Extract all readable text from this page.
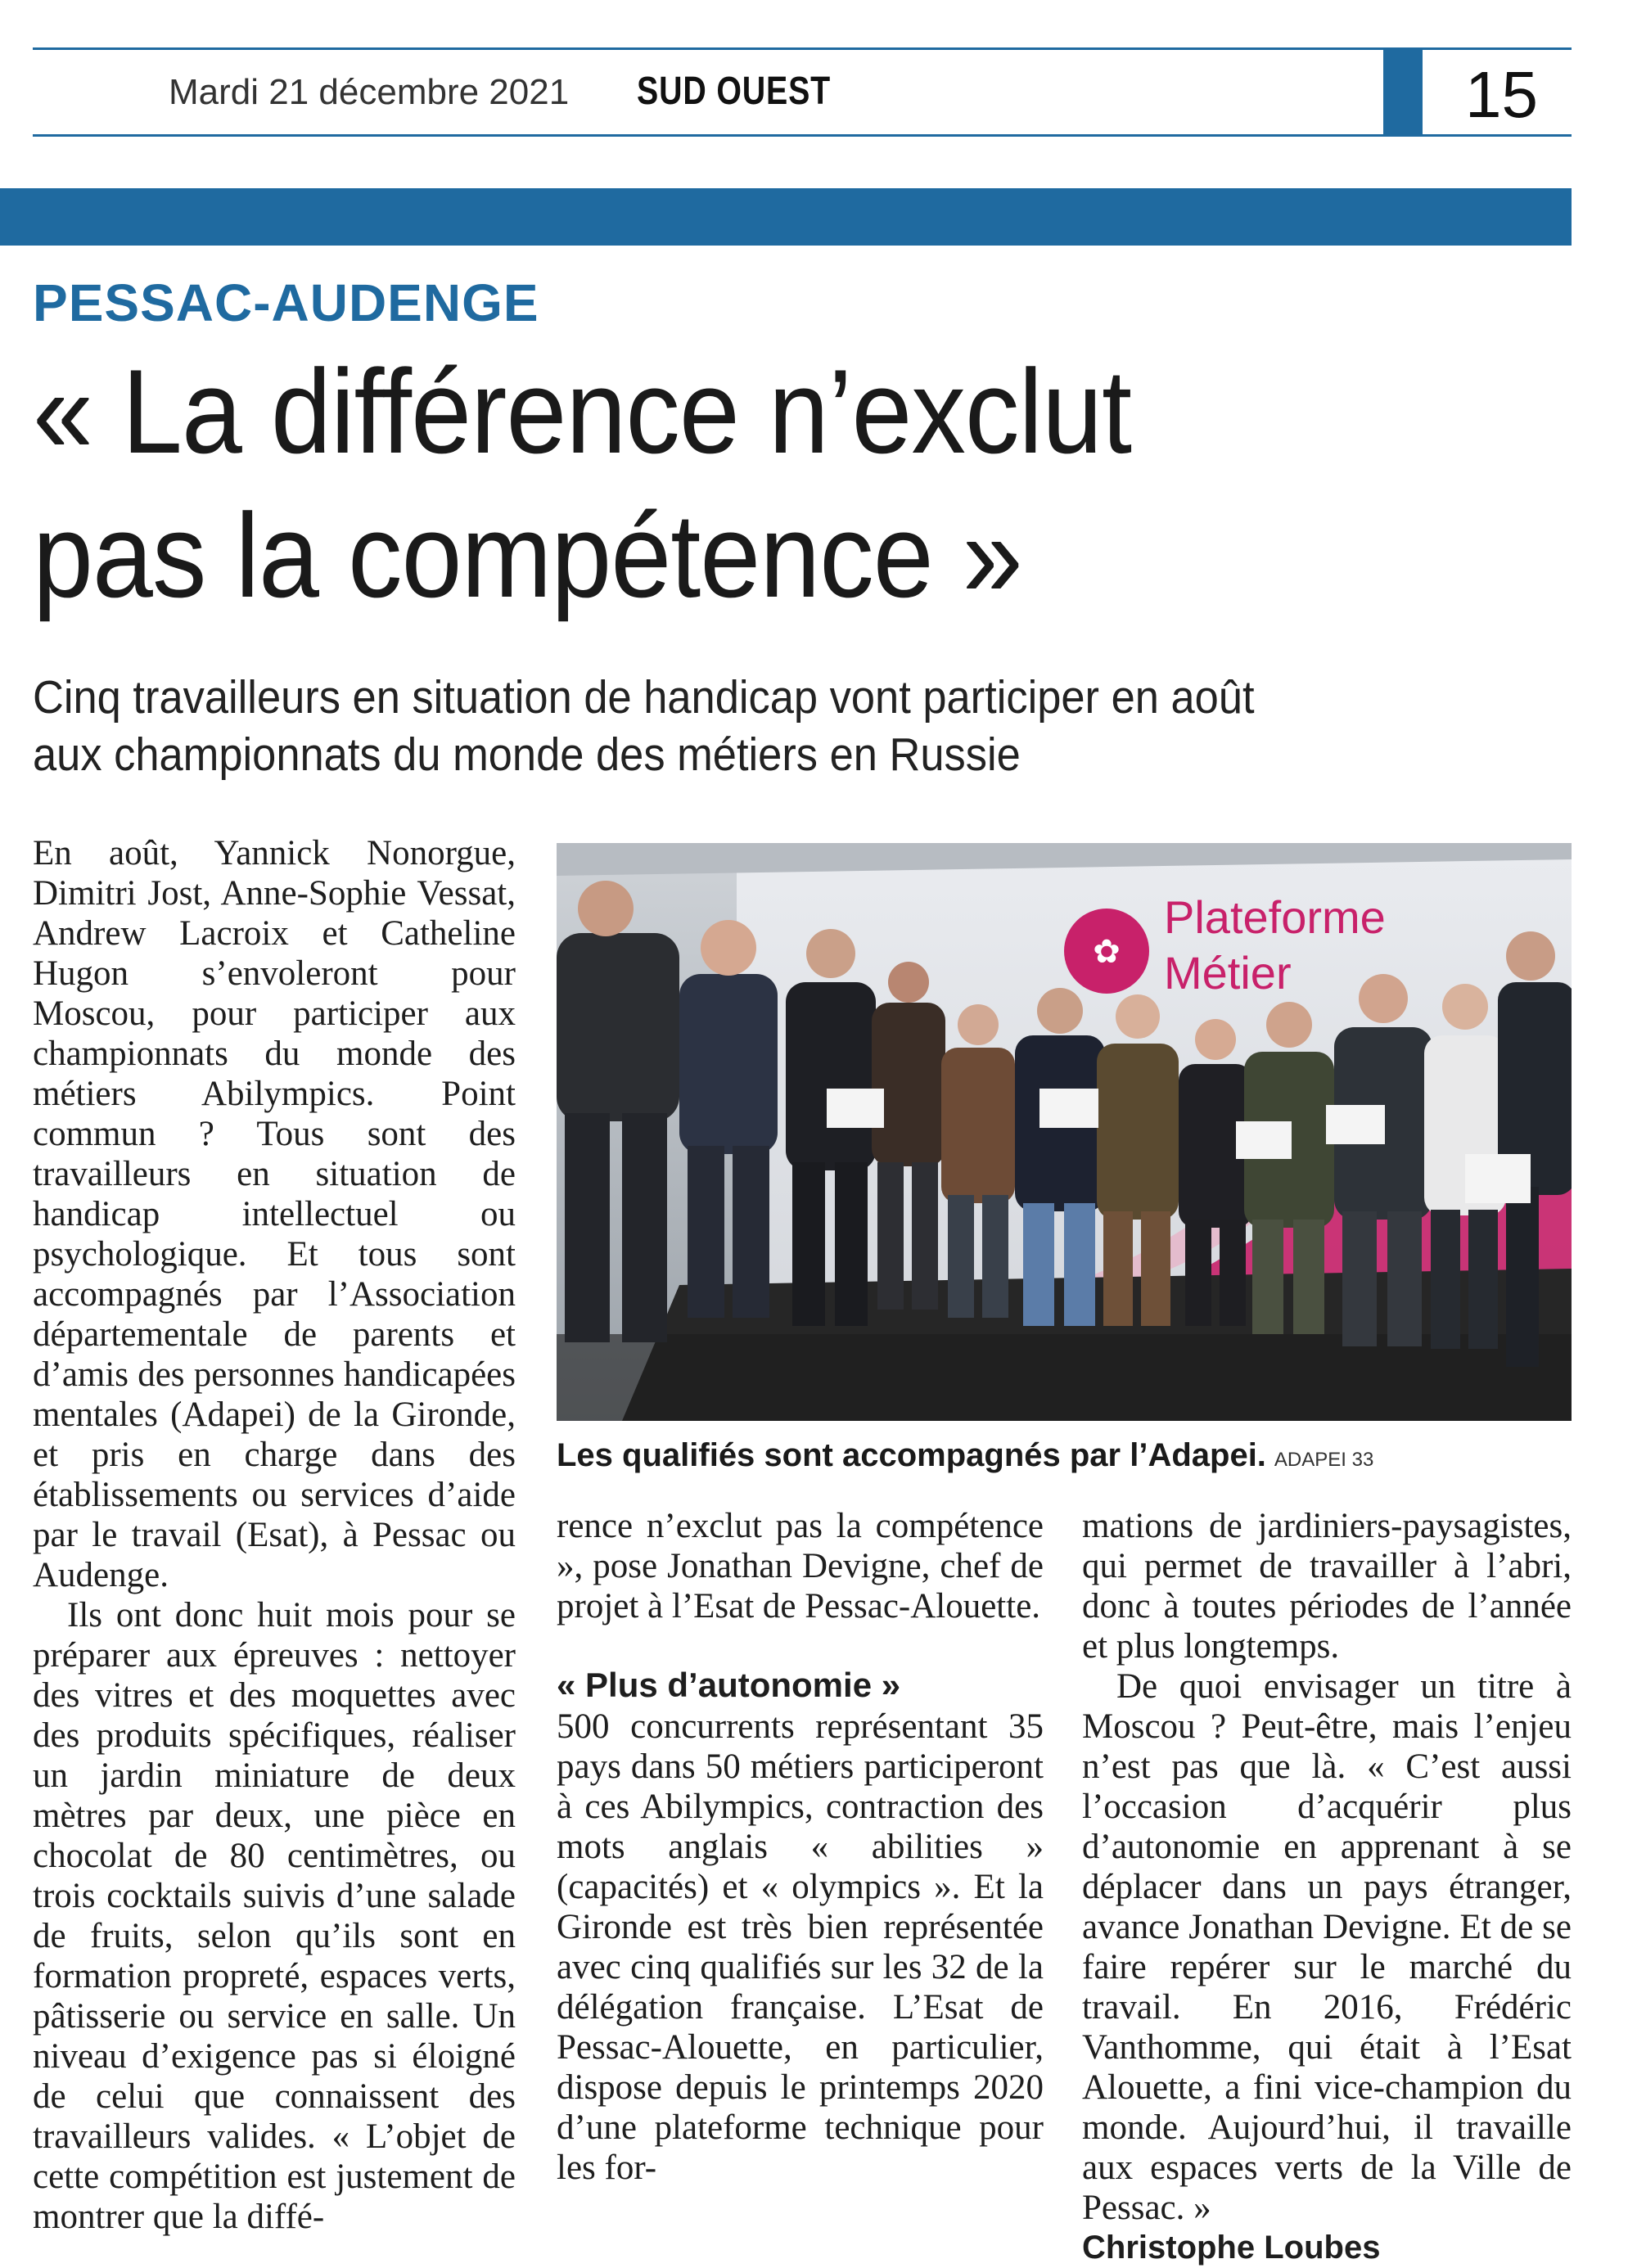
Mardi 21 décembre 2021 SUD OUEST	15
PESSAC-AUDENGE
« La différence n’exclut
pas la compétence »
Cinq travailleurs en situation de handicap vont participer en août
aux championnats du monde des métiers en Russie

En août, Yannick Nonorgue, Dimitri Jost, Anne-Sophie Vessat, Andrew Lacroix et Catheline Hugon s’envoleront pour Moscou, pour participer aux championnats du monde des métiers Abilympics. Point commun ? Tous sont des travailleurs en situation de handicap intellectuel ou psychologique. Et tous sont accompagnés par l’Association départementale de parents et d’amis des personnes handicapées mentales (Adapei) de la Gironde, et pris en charge dans des établissements ou services d’aide par le travail (Esat), à Pessac ou Audenge.

Ils ont donc huit mois pour se préparer aux épreuves : nettoyer des vitres et des moquettes avec des produits spécifiques, réaliser un jardin miniature de deux mètres par deux, une pièce en chocolat de 80 centimètres, ou trois cocktails suivis d’une salade de fruits, selon qu’ils sont en formation propreté, espaces verts, pâtisserie ou service en salle. Un niveau d’exigence pas si éloigné de celui que connaissent des travailleurs valides. « L’objet de cette compétition est justement de montrer que la diffé-

✿
Plateforme
Métier
Les qualifiés sont accompagnés par l’Adapei. ADAPEI 33

rence n’exclut pas la compétence », pose Jonathan Devigne, chef de projet à l’Esat de Pessac-Alouette.

« Plus d’autonomie »

500 concurrents représentant 35 pays dans 50 métiers participeront à ces Abilympics, contraction des mots anglais « abilities » (capacités) et « olympics ». Et la Gironde est très bien représentée avec cinq qualifiés sur les 32 de la délégation française. L’Esat de Pessac-Alouette, en particulier, dispose depuis le printemps 2020 d’une plateforme technique pour les for-

mations de jardiniers-paysagistes, qui permet de travailler à l’abri, donc à toutes périodes de l’année et plus longtemps.

De quoi envisager un titre à Moscou ? Peut-être, mais l’enjeu n’est pas que là. « C’est aussi l’occasion d’acquérir plus d’autonomie en apprenant à se déplacer dans un pays étranger, avance Jonathan Devigne. Et de se faire repérer sur le marché du travail. En 2016, Frédéric Vanthomme, qui était à l’Esat Alouette, a fini vice-champion du monde. Aujourd’hui, il travaille aux espaces verts de la Ville de Pessac. »

Christophe Loubes
